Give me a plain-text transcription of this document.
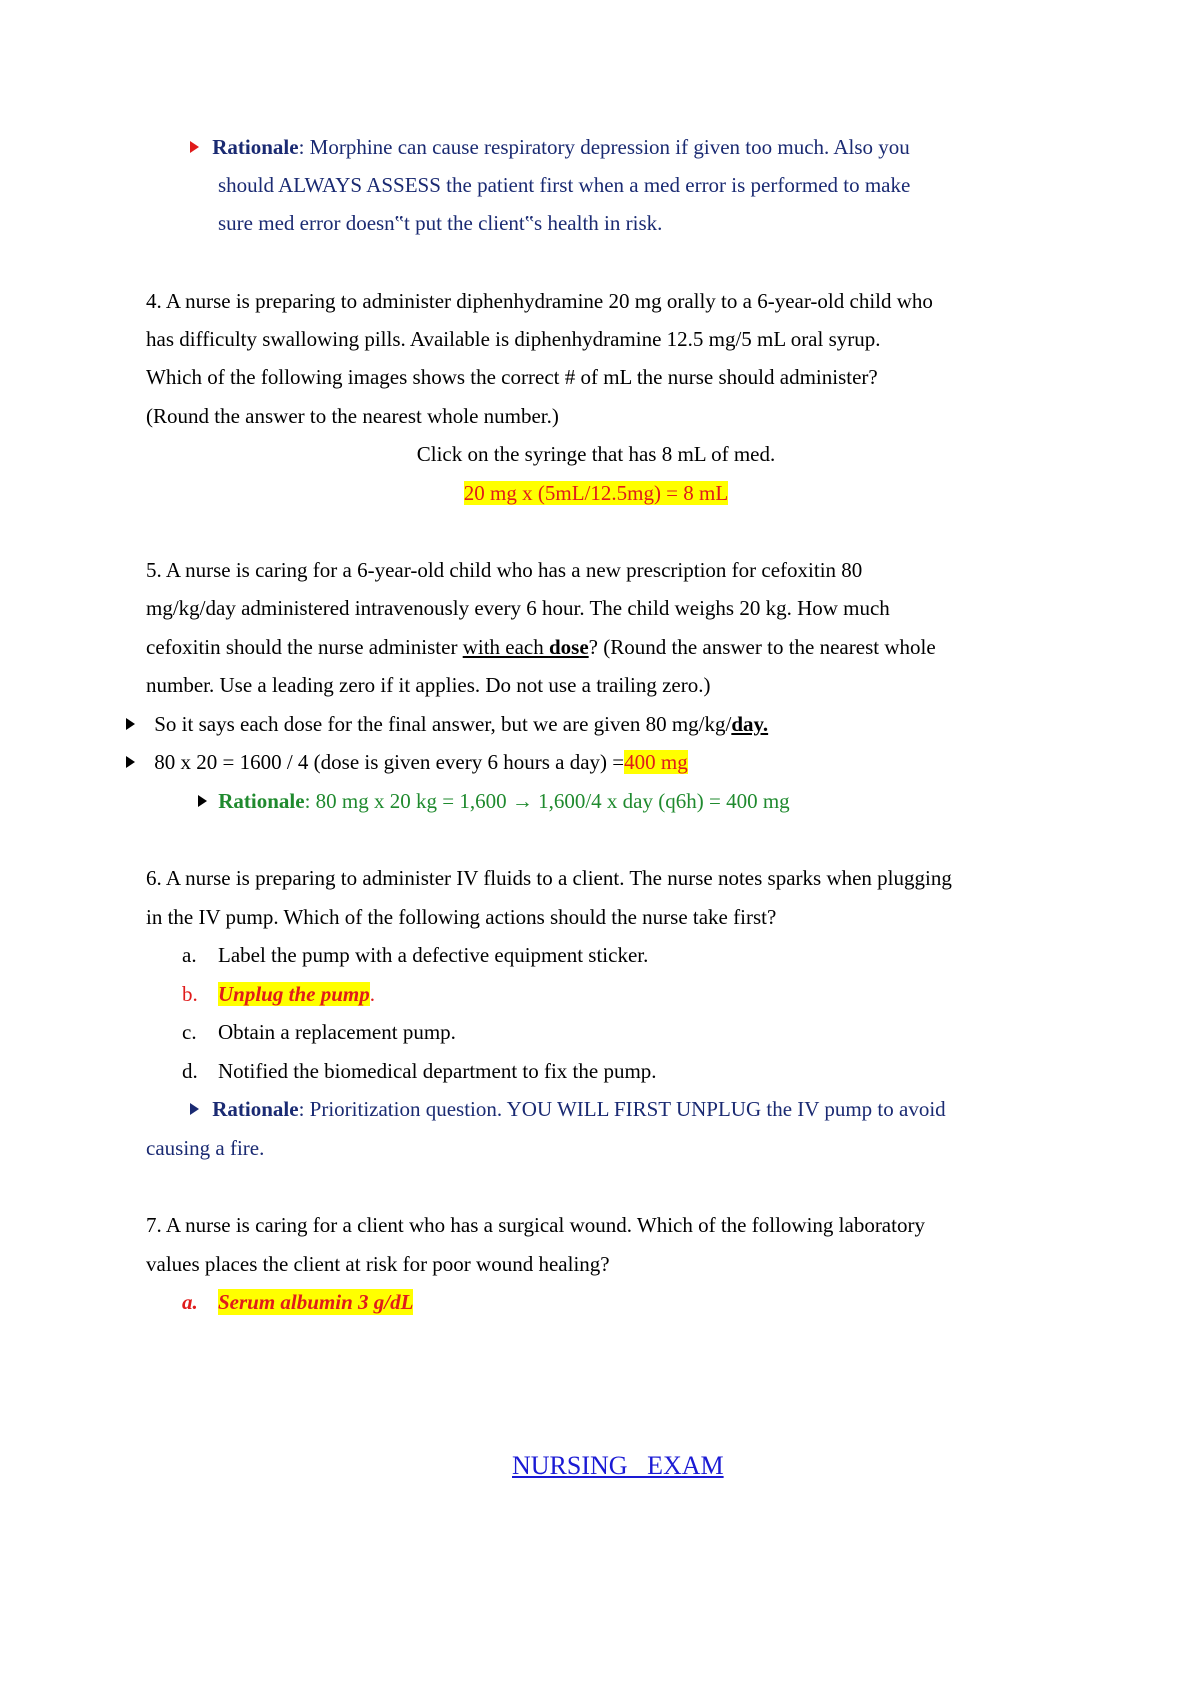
Rationale: Morphine can cause respiratory depression if given too much. Also you
should ALWAYS ASSESS the patient first when a med error is performed to make
sure med error doesn‟t put the client‟s health in risk.
4. A nurse is preparing to administer diphenhydramine 20 mg orally to a 6-year-old child who
has difficulty swallowing pills. Available is diphenhydramine 12.5 mg/5 mL oral syrup.
Which of the following images shows the correct # of mL the nurse should administer?
(Round the answer to the nearest whole number.)
Click on the syringe that has 8 mL of med.
20 mg x (5mL/12.5mg) = 8 mL
5. A nurse is caring for a 6-year-old child who has a new prescription for cefoxitin 80
mg/kg/day administered intravenously every 6 hour. The child weighs 20 kg. How much
cefoxitin should the nurse administer with each dose? (Round the answer to the nearest whole
number. Use a leading zero if it applies. Do not use a trailing zero.)
So it says each dose for the final answer, but we are given 80 mg/kg/day.
80 x 20 = 1600 / 4 (dose is given every 6 hours a day) =400 mg
Rationale: 80 mg x 20 kg = 1,600 → 1,600/4 x day (q6h) = 400 mg
6. A nurse is preparing to administer IV fluids to a client. The nurse notes sparks when plugging
in the IV pump. Which of the following actions should the nurse take first?
a. Label the pump with a defective equipment sticker.
b. Unplug the pump.
c. Obtain a replacement pump.
d. Notified the biomedical department to fix the pump.
Rationale: Prioritization question. YOU WILL FIRST UNPLUG the IV pump to avoid
causing a fire.
7. A nurse is caring for a client who has a surgical wound. Which of the following laboratory
values places the client at risk for poor wound healing?
a. Serum albumin 3 g/dL
NURSING   EXAM
